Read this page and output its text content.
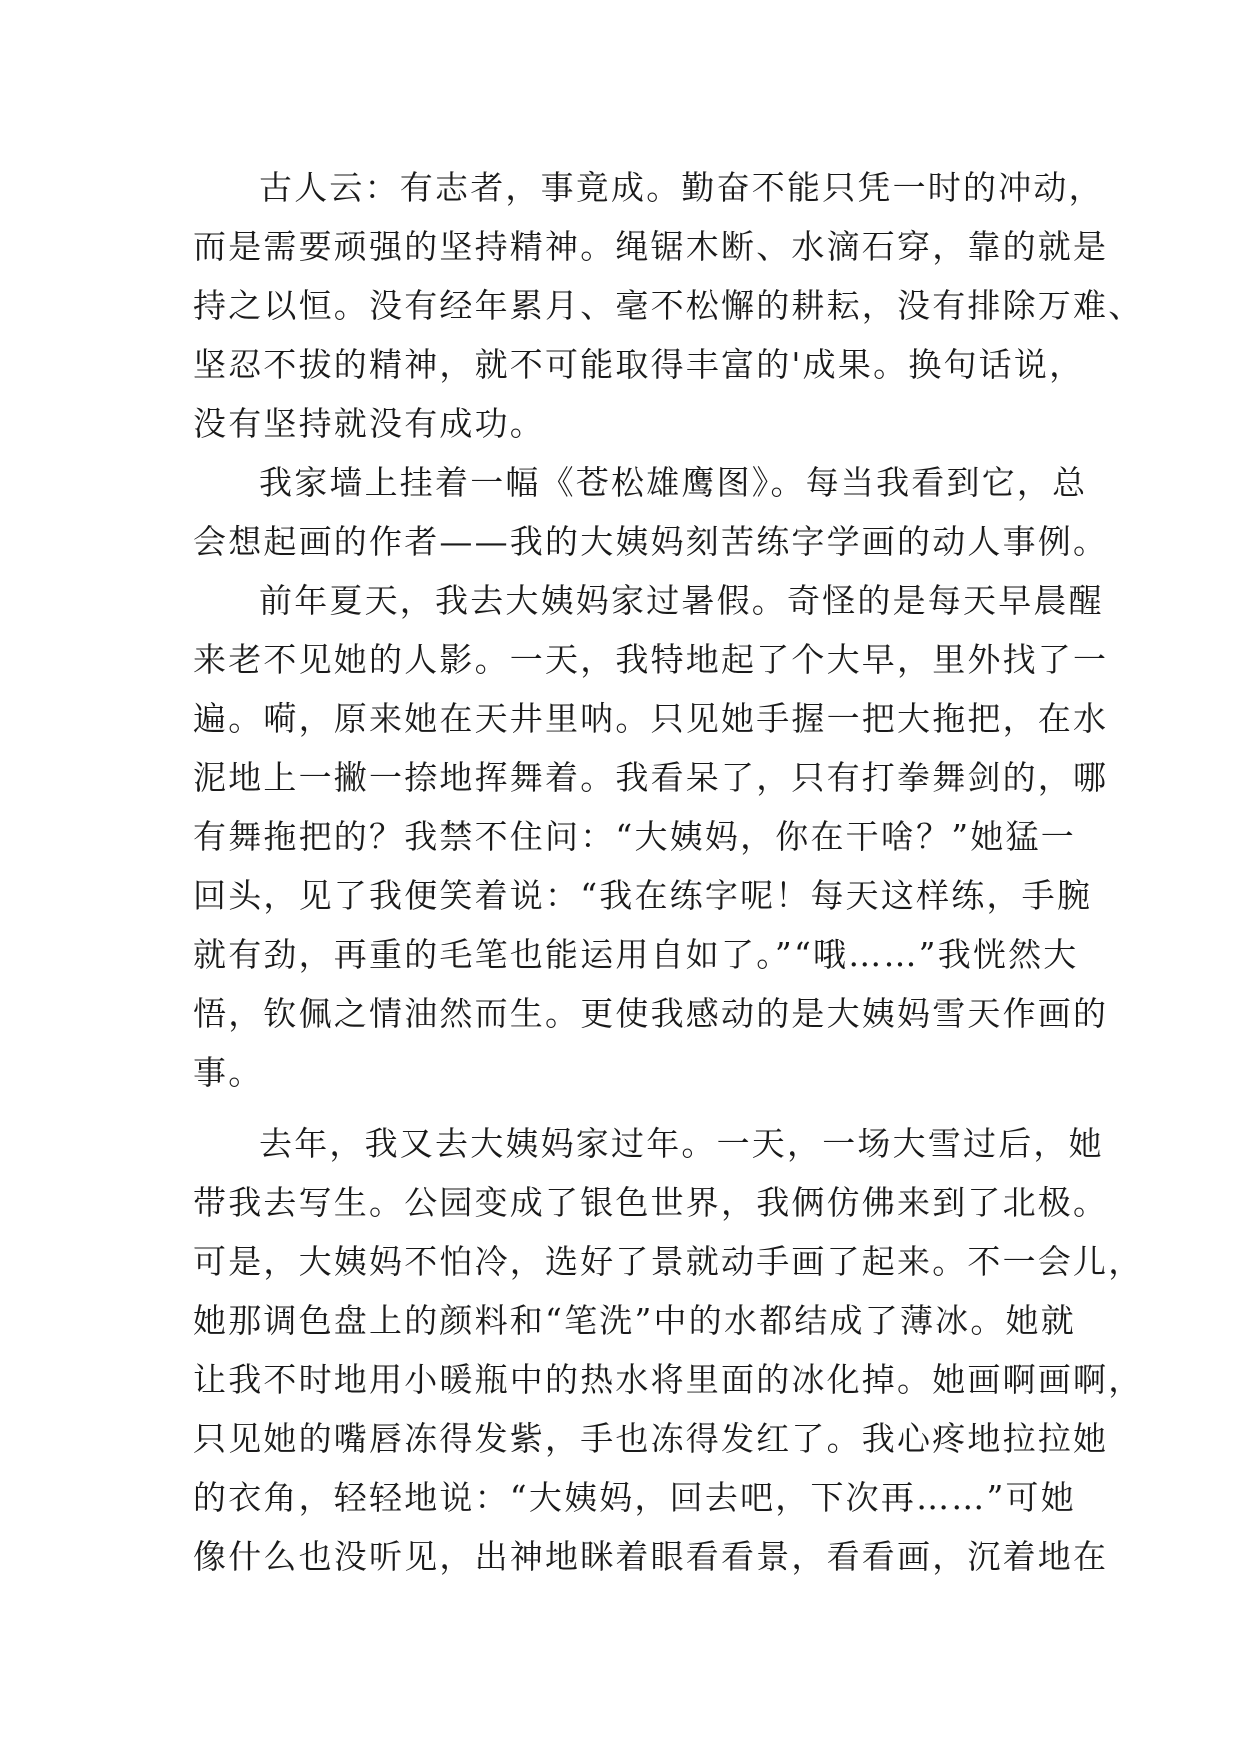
古人云：有志者，事竟成。勤奋不能只凭一时的冲动，
而是需要顽强的坚持精神。绳锯木断、水滴石穿，靠的就是
持之以恒。没有经年累月、毫不松懈的耕耘，没有排除万难、
坚忍不拔的精神，就不可能取得丰富的'成果。换句话说，
没有坚持就没有成功。
我家墙上挂着一幅《苍松雄鹰图》。每当我看到它，总
会想起画的作者——我的大姨妈刻苦练字学画的动人事例。
前年夏天，我去大姨妈家过暑假。奇怪的是每天早晨醒
来老不见她的人影。一天，我特地起了个大早，里外找了一
遍。嗬，原来她在天井里呐。只见她手握一把大拖把，在水
泥地上一撇一捺地挥舞着。我看呆了，只有打拳舞剑的，哪
有舞拖把的？我禁不住问：“大姨妈，你在干啥？”她猛一
回头，见了我便笑着说：“我在练字呢！每天这样练，手腕
就有劲，再重的毛笔也能运用自如了。”“哦……”我恍然大
悟，钦佩之情油然而生。更使我感动的是大姨妈雪天作画的
事。
去年，我又去大姨妈家过年。一天，一场大雪过后，她
带我去写生。公园变成了银色世界，我俩仿佛来到了北极。
可是，大姨妈不怕冷，选好了景就动手画了起来。不一会儿，
她那调色盘上的颜料和“笔洗”中的水都结成了薄冰。她就
让我不时地用小暖瓶中的热水将里面的冰化掉。她画啊画啊，
只见她的嘴唇冻得发紫，手也冻得发红了。我心疼地拉拉她
的衣角，轻轻地说：“大姨妈，回去吧，下次再……”可她
像什么也没听见，出神地眯着眼看看景，看看画，沉着地在
